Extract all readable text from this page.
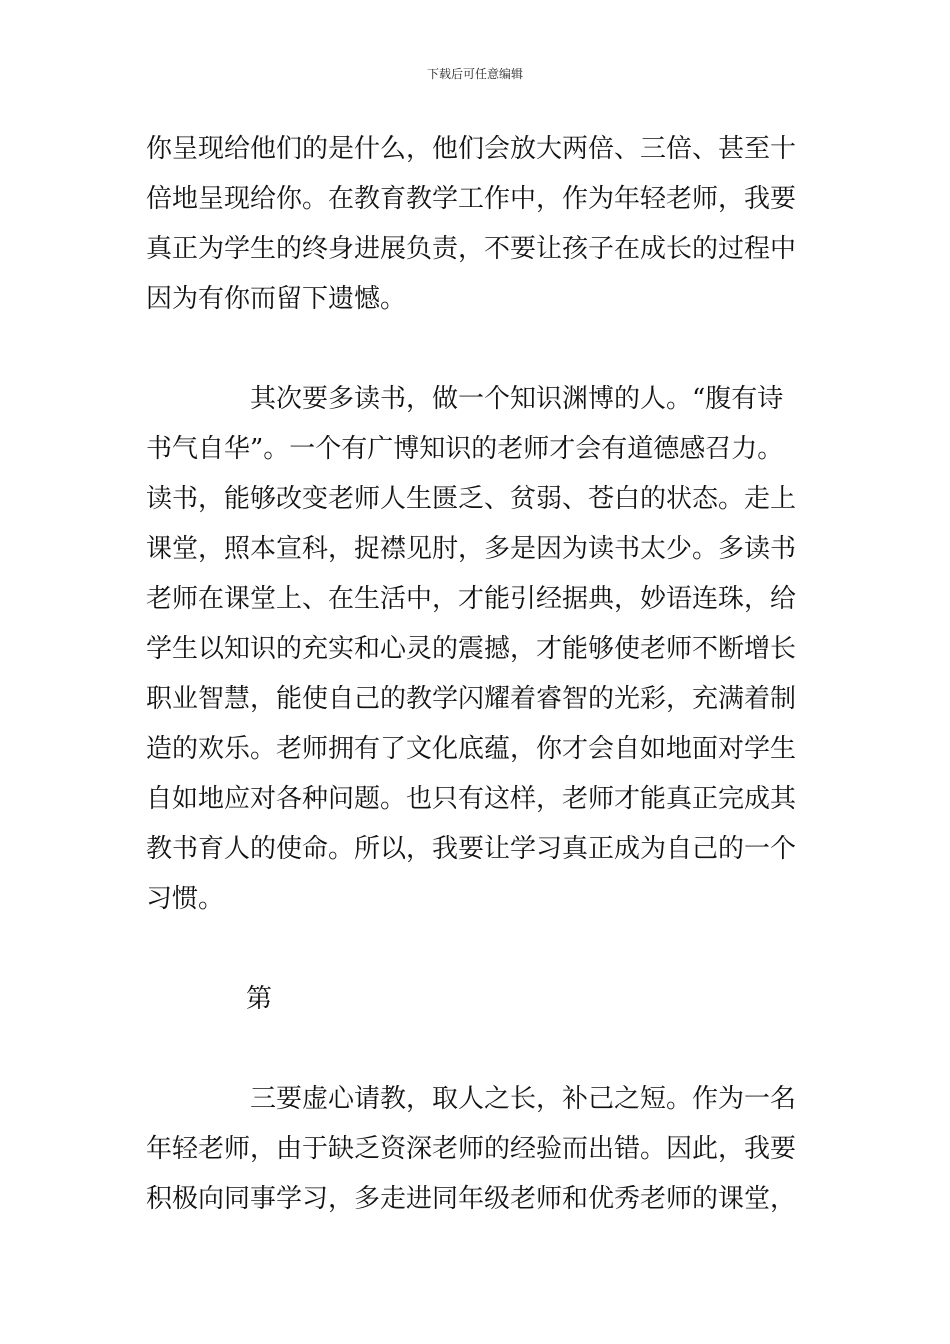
下载后可任意编辑
你呈现给他们的是什么，他们会放大两倍、三倍、甚至十
倍地呈现给你。在教育教学工作中，作为年轻老师，我要
真正为学生的终身进展负责，不要让孩子在成长的过程中
因为有你而留下遗憾。
其次要多读书，做一个知识渊博的人。“腹有诗
书气自华”。一个有广博知识的老师才会有道德感召力。
读书，能够改变老师人生匮乏、贫弱、苍白的状态。走上
课堂，照本宣科，捉襟见肘，多是因为读书太少。多读书
老师在课堂上、在生活中，才能引经据典，妙语连珠，给
学生以知识的充实和心灵的震撼，才能够使老师不断增长
职业智慧，能使自己的教学闪耀着睿智的光彩，充满着制
造的欢乐。老师拥有了文化底蕴，你才会自如地面对学生
自如地应对各种问题。也只有这样，老师才能真正完成其
教书育人的使命。所以，我要让学习真正成为自己的一个
习惯。
第
三要虚心请教，取人之长，补己之短。作为一名
年轻老师，由于缺乏资深老师的经验而出错。因此，我要
积极向同事学习，多走进同年级老师和优秀老师的课堂，
